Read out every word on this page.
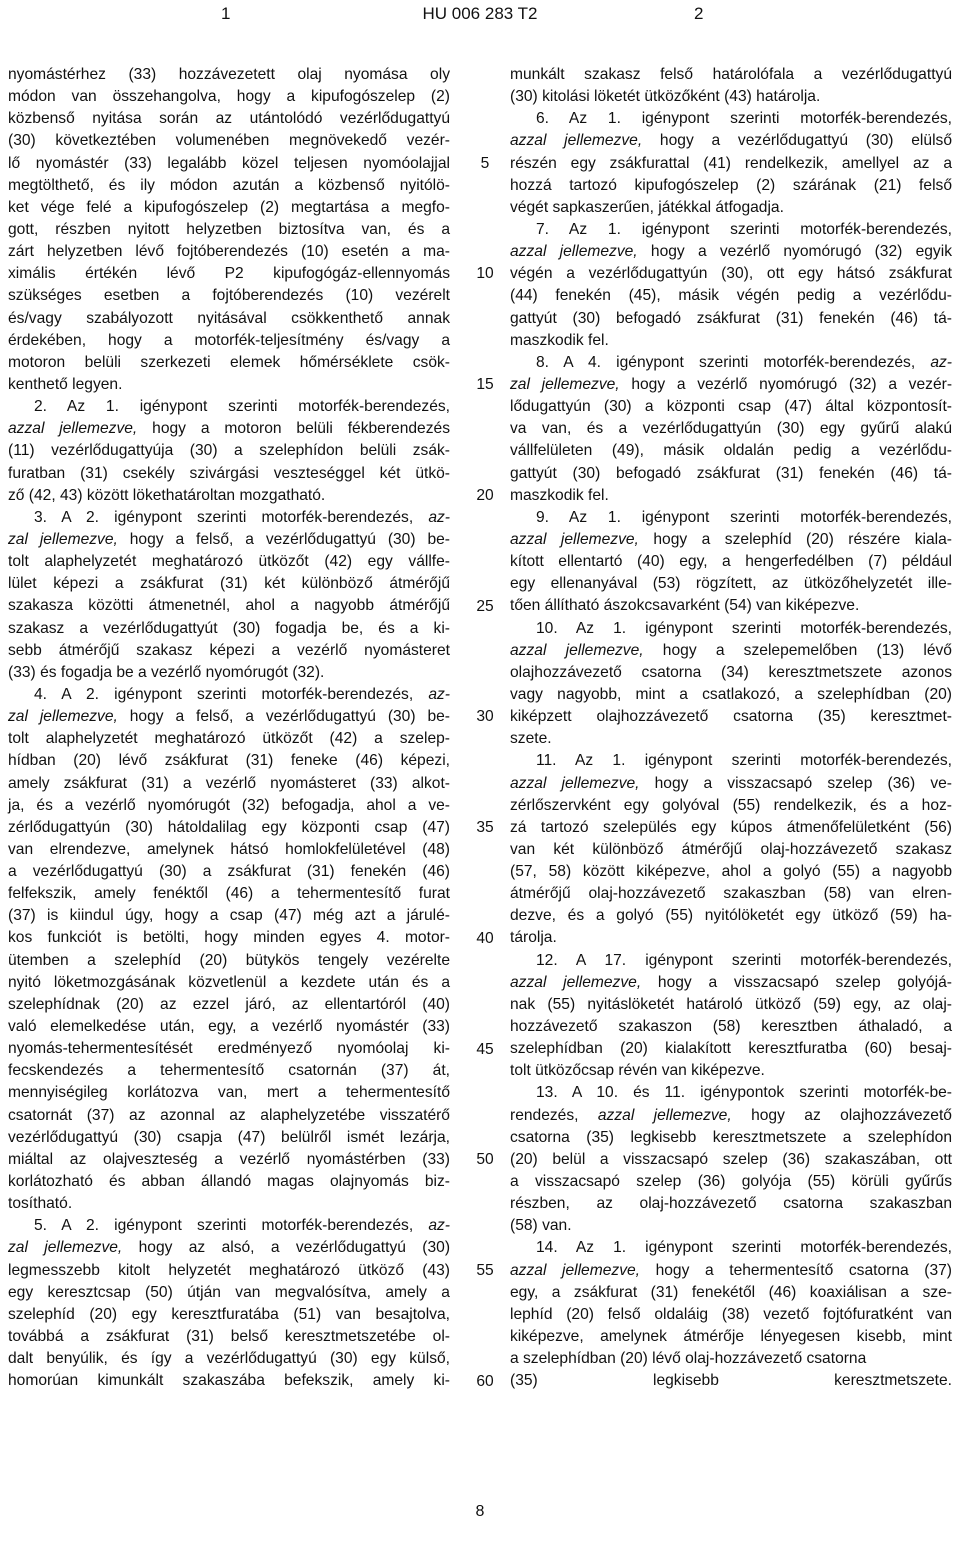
1	HU 006 283 T2	2
nyomástérhez (33) hozzávezetett olaj nyomása oly
módon van összehangolva, hogy a kipufogószelep (2)
közbenső nyitása során az utántolódó vezérlődugattyú
(30) következtében volumenében megnövekedő vezér-
lő nyomástér (33) legalább közel teljesen nyomóolajjal
megtölthető, és ily módon azután a közbenső nyitólö-
ket vége felé a kipufogószelep (2) megtartása a megfo-
gott, részben nyitott helyzetben biztosítva van, és a
zárt helyzetben lévő fojtóberendezés (10) esetén a ma-
ximális értékén lévő P2 kipufogógáz-ellennyomás
szükséges esetben a fojtóberendezés (10) vezérelt
és/vagy szabályozott nyitásával csökkenthető annak
érdekében, hogy a motorfék-teljesítmény és/vagy a
motoron belüli szerkezeti elemek hőmérséklete csök-
kenthető legyen.
2. Az 1. igénypont szerinti motorfék-berendezés,
azzal jellemezve, hogy a motoron belüli fékberendezés
(11) vezérlődugattyúja (30) a szelephídon belüli zsák-
furatban (31) csekély szivárgási veszteséggel két ütkö-
ző (42, 43) között lökethatároltan mozgatható.
3. A 2. igénypont szerinti motorfék-berendezés, az-
zal jellemezve, hogy a felső, a vezérlődugattyú (30) be-
tolt alaphelyzetét meghatározó ütközőt (42) egy vállfe-
lület képezi a zsákfurat (31) két különböző átmérőjű
szakasza közötti átmenetnél, ahol a nagyobb átmérőjű
szakasz a vezérlődugattyút (30) fogadja be, és a ki-
sebb átmérőjű szakasz képezi a vezérlő nyomásteret
(33) és fogadja be a vezérlő nyomórugót (32).
4. A 2. igénypont szerinti motorfék-berendezés, az-
zal jellemezve, hogy a felső, a vezérlődugattyú (30) be-
tolt alaphelyzetét meghatározó ütközőt (42) a szelep-
hídban (20) lévő zsákfurat (31) feneke (46) képezi,
amely zsákfurat (31) a vezérlő nyomásteret (33) alkot-
ja, és a vezérlő nyomórugót (32) befogadja, ahol a ve-
zérlődugattyún (30) hátoldalilag egy központi csap (47)
van elrendezve, amelynek hátsó homlokfelületével (48)
a vezérlődugattyú (30) a zsákfurat (31) fenekén (46)
felfekszik, amely fenéktől (46) a tehermentesítő furat
(37) is kiindul úgy, hogy a csap (47) még azt a járulé-
kos funkciót is betölti, hogy minden egyes 4. motor-
ütemben a szelephíd (20) bütykös tengely vezérelte
nyitó löketmozgásának közvetlenül a kezdete után és a
szelephídnak (20) az ezzel járó, az ellentartóról (40)
való elemelkedése után, egy, a vezérlő nyomástér (33)
nyomás-tehermentesítését eredményező nyomóolaj ki-
fecskendezés a tehermentesítő csatornán (37) át,
mennyiségileg korlátozva van, mert a tehermentesítő
csatornát (37) az azonnal az alaphelyzetébe visszatérő
vezérlődugattyú (30) csapja (47) belülről ismét lezárja,
miáltal az olajveszteség a vezérlő nyomástérben (33)
korlátozható és abban állandó magas olajnyomás biz-
tosítható.
5. A 2. igénypont szerinti motorfék-berendezés, az-
zal jellemezve, hogy az alsó, a vezérlődugattyú (30)
legmesszebb kitolt helyzetét meghatározó ütköző (43)
egy keresztcsap (50) útján van megvalósítva, amely a
szelephíd (20) egy keresztfuratába (51) van besajtolva,
továbbá a zsákfurat (31) belső keresztmetszetébe ol-
dalt benyúlik, és így a vezérlődugattyú (30) egy külső,
homorúan kimunkált szakaszába befekszik, amely ki-
5
10
15
20
25
30
35
40
45
50
55
60
munkált szakasz felső határolófala a vezérlődugattyú
(30) kitolási löketét ütközőként (43) határolja.
6. Az 1. igénypont szerinti motorfék-berendezés,
azzal jellemezve, hogy a vezérlődugattyú (30) elülső
részén egy zsákfurattal (41) rendelkezik, amellyel az a
hozzá tartozó kipufogószelep (2) szárának (21) felső
végét sapkaszerűen, játékkal átfogadja.
7. Az 1. igénypont szerinti motorfék-berendezés,
azzal jellemezve, hogy a vezérlő nyomórugó (32) egyik
végén a vezérlődugattyún (30), ott egy hátsó zsákfurat
(44) fenekén (45), másik végén pedig a vezérlődu-
gattyút (30) befogadó zsákfurat (31) fenekén (46) tá-
maszkodik fel.
8. A 4. igénypont szerinti motorfék-berendezés, az-
zal jellemezve, hogy a vezérlő nyomórugó (32) a vezér-
lődugattyún (30) a központi csap (47) által központosít-
va van, és a vezérlődugattyún (30) egy gyűrű alakú
vállfelületen (49), másik oldalán pedig a vezérlődu-
gattyút (30) befogadó zsákfurat (31) fenekén (46) tá-
maszkodik fel.
9. Az 1. igénypont szerinti motorfék-berendezés,
azzal jellemezve, hogy a szelephíd (20) részére kiala-
kított ellentartó (40) egy, a hengerfedélben (7) például
egy ellenanyával (53) rögzített, az ütközőhelyzetét ille-
tően állítható ászokcsavarként (54) van kiképezve.
10. Az 1. igénypont szerinti motorfék-berendezés,
azzal jellemezve, hogy a szelepemelőben (13) lévő
olajhozzávezető csatorna (34) keresztmetszete azonos
vagy nagyobb, mint a csatlakozó, a szelephídban (20)
kiképzett olajhozzávezető csatorna (35) keresztmet-
szete.
11. Az 1. igénypont szerinti motorfék-berendezés,
azzal jellemezve, hogy a visszacsapó szelep (36) ve-
zérlőszervként egy golyóval (55) rendelkezik, és a hoz-
zá tartozó szelepülés egy kúpos átmenőfelületként (56)
van két különböző átmérőjű olaj-hozzávezető szakasz
(57, 58) között kiképezve, ahol a golyó (55) a nagyobb
átmérőjű olaj-hozzávezető szakaszban (58) van elren-
dezve, és a golyó (55) nyitólöketét egy ütköző (59) ha-
tárolja.
12. A 17. igénypont szerinti motorfék-berendezés,
azzal jellemezve, hogy a visszacsapó szelep golyójá-
nak (55) nyitáslöketét határoló ütköző (59) egy, az olaj-
hozzávezető szakaszon (58) keresztben áthaladó, a
szelephídban (20) kialakított keresztfuratba (60) besaj-
tolt ütközőcsap révén van kiképezve.
13. A 10. és 11. igénypontok szerinti motorfék-be-
rendezés, azzal jellemezve, hogy az olajhozzávezető
csatorna (35) legkisebb keresztmetszete a szelephídon
(20) belül a visszacsapó szelep (36) szakaszában, ott
a visszacsapó szelep (36) golyója (55) körüli gyűrűs
részben, az olaj-hozzávezető csatorna szakaszban
(58) van.
14. Az 1. igénypont szerinti motorfék-berendezés,
azzal jellemezve, hogy a tehermentesítő csatorna (37)
egy, a zsákfurat (31) fenekétől (46) koaxiálisan a sze-
lephíd (20) felső oldaláig (38) vezető fojtófuratként van
kiképezve, amelynek átmérője lényegesen kisebb, mint
a szelephídban (20) lévő olaj-hozzávezető csatorna
(35) legkisebb keresztmetszete.
8
